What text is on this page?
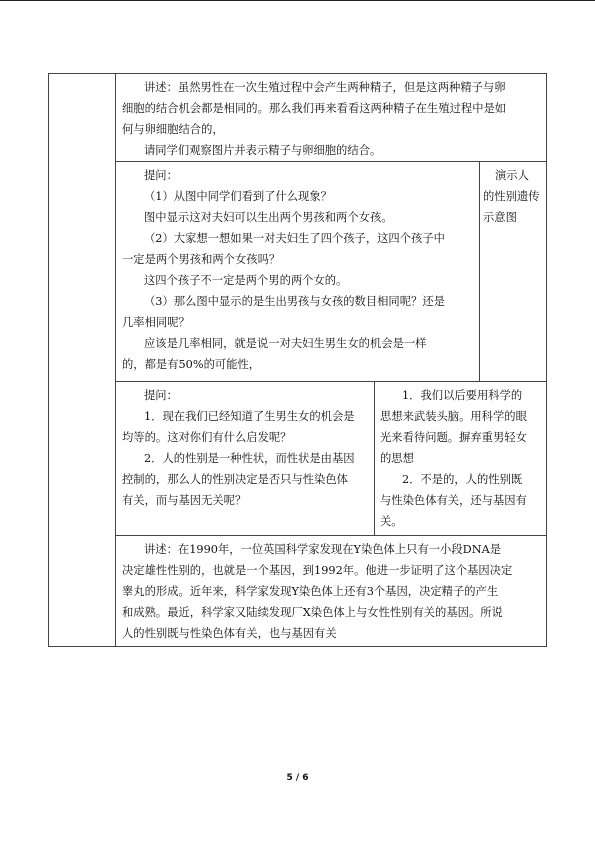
讲述：虽然男性在一次生殖过程中会产生两种精子，但是这两种精子与卵
细胞的结合机会都是相同的。那么我们再来看看这两种精子在生殖过程中是如
何与卵细胞结合的，
请同学们观察图片并表示精子与卵细胞的结合。
提问：
（1）从图中同学们看到了什么现象？
图中显示这对夫妇可以生出两个男孩和两个女孩。
（2）大家想一想如果一对夫妇生了四个孩子，这四个孩子中
一定是两个男孩和两个女孩吗？
这四个孩子不一定是两个男的两个女的。
（3）那么图中显示的是生出男孩与女孩的数目相同呢？还是
几率相同呢？
应该是几率相同，就是说一对夫妇生男生女的机会是一样
的，都是有50%的可能性，
演示人
的性别遗传
示意图
提问：
1．现在我们已经知道了生男生女的机会是
均等的。这对你们有什么启发呢？
2．人的性别是一种性状，而性状是由基因
控制的，那么人的性别决定是否只与性染色体
有关，而与基因无关呢？
1．我们以后要用科学的
思想来武装头脑。用科学的眼
光来看待问题。摒弃重男轻女
的思想
2．不是的，人的性别既
与性染色体有关，还与基因有
关。
讲述：在1990年，一位英国科学家发现在Y染色体上只有一小段DNA是
决定雄性性别的，也就是一个基因，到1992年。他进一步证明了这个基因决定
睾丸的形成。近年来，科学家发现Y染色体上还有3个基因，决定精子的产生
和成熟。最近，科学家又陆续发现厂X染色体上与女性性别有关的基因。所说
人的性别既与性染色体有关，也与基因有关
5 / 6
